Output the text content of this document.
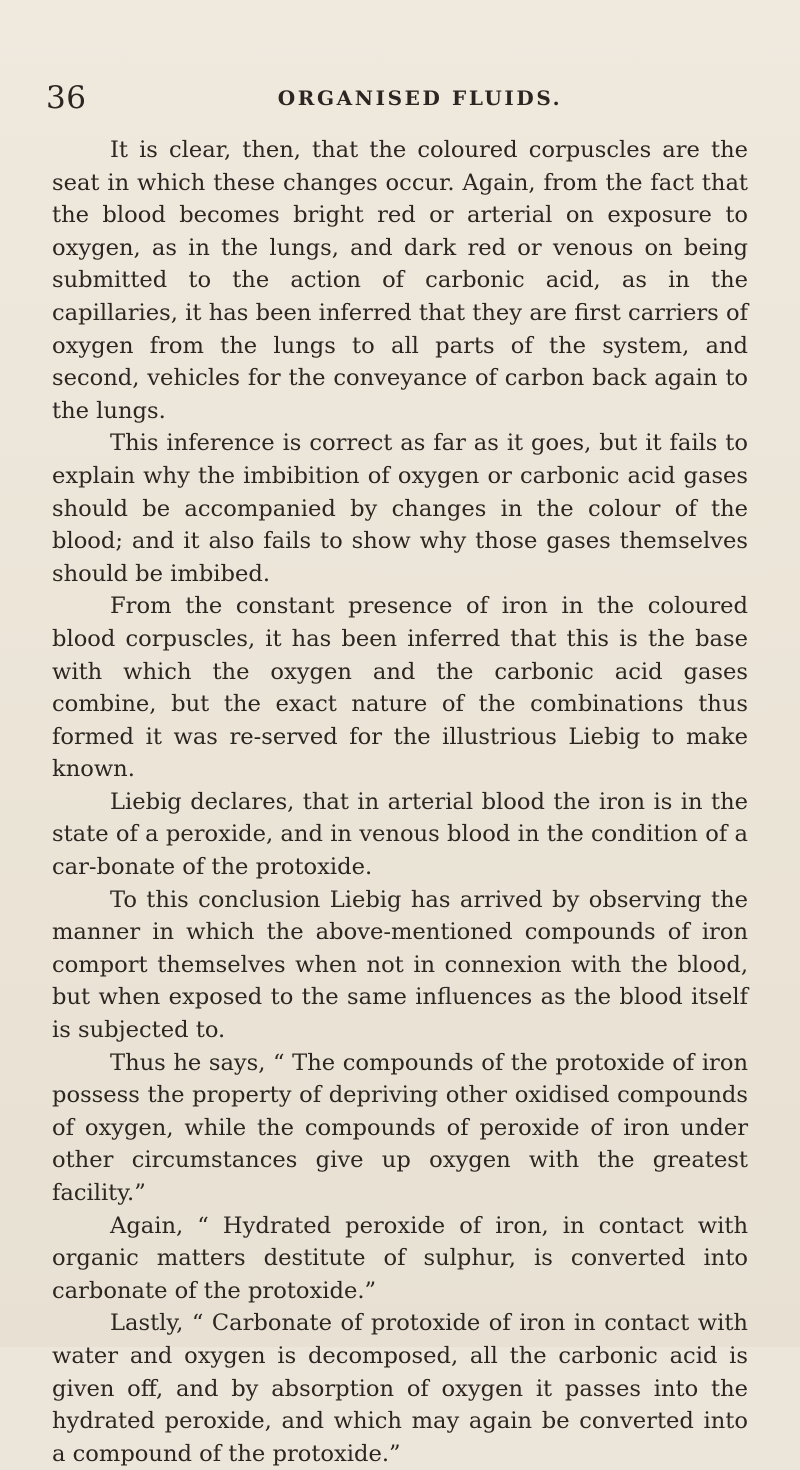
36	ORGANISED FLUIDS.

It is clear, then, that the coloured corpuscles are the seat in which these changes occur. Again, from the fact that the blood becomes bright red or arterial on exposure to oxygen, as in the lungs, and dark red or venous on being submitted to the action of carbonic acid, as in the capillaries, it has been inferred that they are first carriers of oxygen from the lungs to all parts of the system, and second, vehicles for the conveyance of carbon back again to the lungs.

This inference is correct as far as it goes, but it fails to explain why the imbibition of oxygen or carbonic acid gases should be accompanied by changes in the colour of the blood; and it also fails to show why those gases themselves should be imbibed.

From the constant presence of iron in the coloured blood corpuscles, it has been inferred that this is the base with which the oxygen and the carbonic acid gases combine, but the exact nature of the combinations thus formed it was re-served for the illustrious Liebig to make known.

Liebig declares, that in arterial blood the iron is in the state of a peroxide, and in venous blood in the condition of a car-bonate of the protoxide.

To this conclusion Liebig has arrived by observing the manner in which the above-mentioned compounds of iron comport themselves when not in connexion with the blood, but when exposed to the same influences as the blood itself is subjected to.

Thus he says, “ The compounds of the protoxide of iron possess the property of depriving other oxidised compounds of oxygen, while the compounds of peroxide of iron under other circumstances give up oxygen with the greatest facility.”

Again, “ Hydrated peroxide of iron, in contact with organic matters destitute of sulphur, is converted into carbonate of the protoxide.”

Lastly, “ Carbonate of protoxide of iron in contact with water and oxygen is decomposed, all the carbonic acid is given off, and by absorption of oxygen it passes into the hydrated peroxide, and which may again be converted into a compound of the protoxide.”
